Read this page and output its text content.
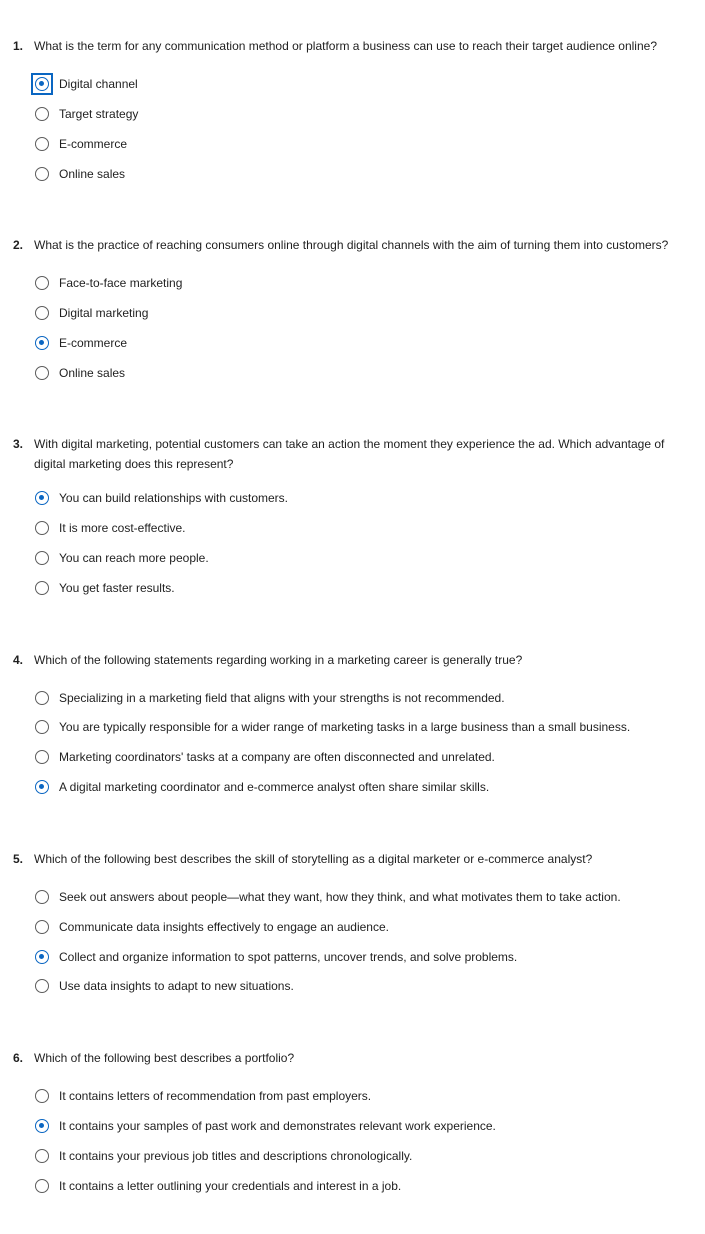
1. What is the term for any communication method or platform a business can use to reach their target audience online?
Digital channel
Target strategy
E-commerce
Online sales
2. What is the practice of reaching consumers online through digital channels with the aim of turning them into customers?
Face-to-face marketing
Digital marketing
E-commerce
Online sales
3. With digital marketing, potential customers can take an action the moment they experience the ad. Which advantage of digital marketing does this represent?
You can build relationships with customers.
It is more cost-effective.
You can reach more people.
You get faster results.
4. Which of the following statements regarding working in a marketing career is generally true?
Specializing in a marketing field that aligns with your strengths is not recommended.
You are typically responsible for a wider range of marketing tasks in a large business than a small business.
Marketing coordinators' tasks at a company are often disconnected and unrelated.
A digital marketing coordinator and e-commerce analyst often share similar skills.
5. Which of the following best describes the skill of storytelling as a digital marketer or e-commerce analyst?
Seek out answers about people—what they want, how they think, and what motivates them to take action.
Communicate data insights effectively to engage an audience.
Collect and organize information to spot patterns, uncover trends, and solve problems.
Use data insights to adapt to new situations.
6. Which of the following best describes a portfolio?
It contains letters of recommendation from past employers.
It contains your samples of past work and demonstrates relevant work experience.
It contains your previous job titles and descriptions chronologically.
It contains a letter outlining your credentials and interest in a job.
